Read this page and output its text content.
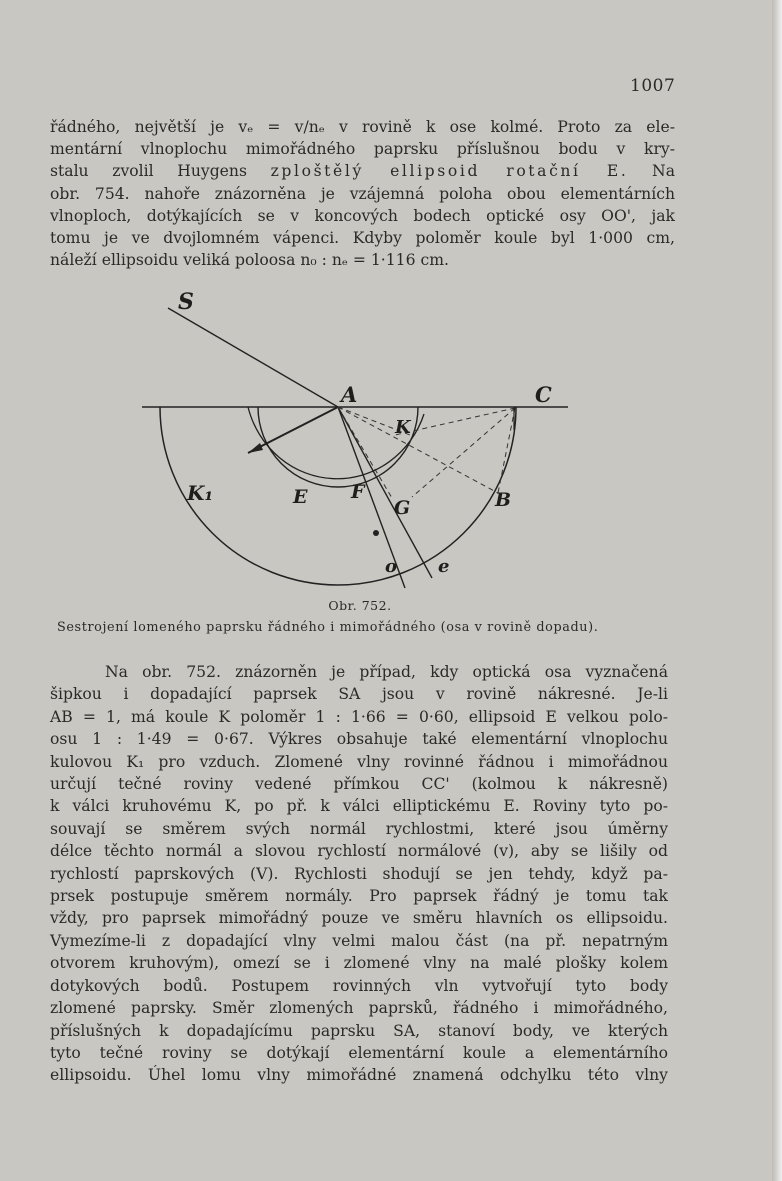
1007
řádného, největší je vₑ = v/nₑ v rovině k ose kolmé. Proto za ele-
mentární vlnoplochu mimořádného paprsku příslušnou bodu v kry-
stalu zvolil Huygens zploštělý ellipsoid rotační E. Na
obr. 754. nahoře znázorněna je vzájemná poloha obou elementárních
vlnoploch, dotýkajících se v koncových bodech optické osy OO', jak
tomu je ve dvojlomném vápenci. Kdyby poloměr koule byl 1·000 cm,
náleží ellipsoidu veliká poloosa n₀ : nₑ = 1·116 cm.
S
A	C
K
K₁	E F
G	B
o e
Obr. 752.
Sestrojení lomeného paprsku řádného i mimořádného (osa v rovině dopadu).
Na obr. 752. znázorněn je případ, kdy optická osa vyznačená
šipkou i dopadající paprsek SA jsou v rovině nákresné. Je-li
AB = 1, má koule K poloměr 1 : 1·66 = 0·60, ellipsoid E velkou polo-
osu 1 : 1·49 = 0·67. Výkres obsahuje také elementární vlnoplochu
kulovou K₁ pro vzduch. Zlomené vlny rovinné řádnou i mimořádnou
určují tečné roviny vedené přímkou CC' (kolmou k nákresně)
k válci kruhovému K, po př. k válci elliptickému E. Roviny tyto po-
souvají se směrem svých normál rychlostmi, které jsou úměrny
délce těchto normál a slovou rychlostí normálové (v), aby se lišily od
rychlostí paprskových (V). Rychlosti shodují se jen tehdy, když pa-
prsek postupuje směrem normály. Pro paprsek řádný je tomu tak
vždy, pro paprsek mimořádný pouze ve směru hlavních os ellipsoidu.
Vymezíme-li z dopadající vlny velmi malou část (na př. nepatrným
otvorem kruhovým), omezí se i zlomené vlny na malé plošky kolem
dotykových bodů. Postupem rovinných vln vytvořují tyto body
zlomené paprsky. Směr zlomených paprsků, řádného i mimořádného,
příslušných k dopadajícímu paprsku SA, stanoví body, ve kterých
tyto tečné roviny se dotýkají elementární koule a elementárního
ellipsoidu. Úhel lomu vlny mimořádné znamená odchylku této vlny
